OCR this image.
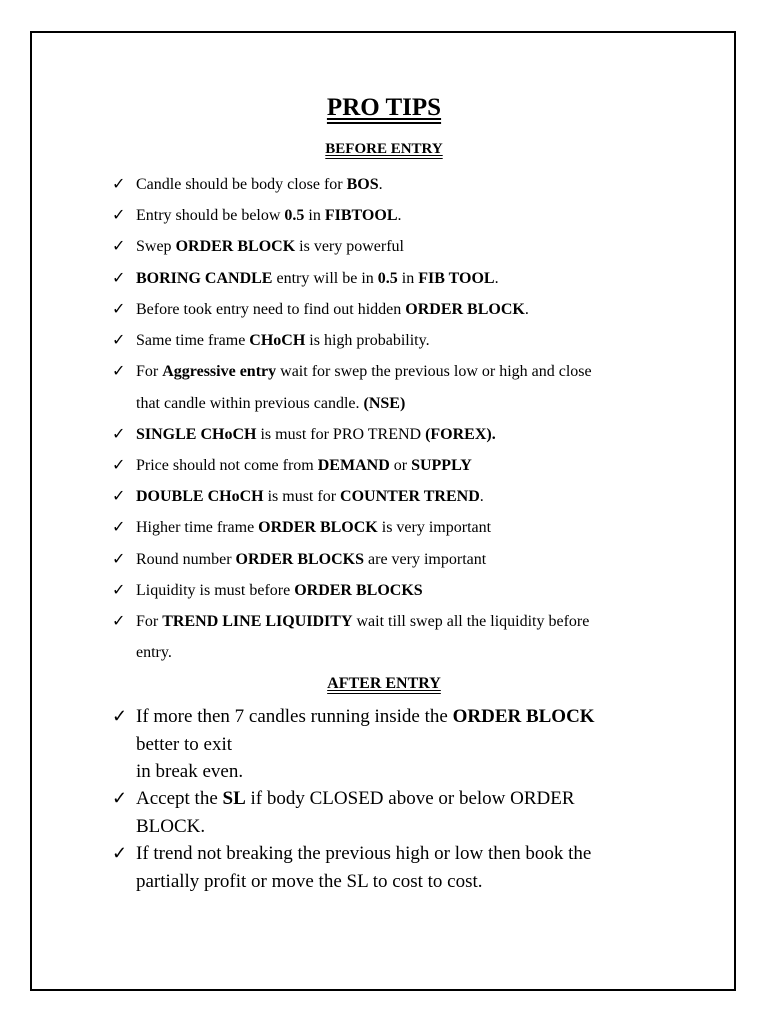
PRO TIPS
BEFORE ENTRY
✓ Candle should be body close for BOS.
✓ Entry should be below 0.5 in FIBTOOL.
✓ Swep ORDER BLOCK is very powerful
✓ BORING CANDLE entry will be in 0.5 in FIB TOOL.
✓ Before took entry need to find out hidden ORDER BLOCK.
✓ Same time frame CHoCH is high probability.
✓ For Aggressive entry wait for swep the previous low or high and close
that candle within previous candle. (NSE)
✓ SINGLE CHoCH is must for PRO TREND (FOREX).
✓ Price should not come from DEMAND or SUPPLY
✓ DOUBLE CHoCH is must for COUNTER TREND.
✓ Higher time frame ORDER BLOCK is very important
✓ Round number ORDER BLOCKS are very important
✓ Liquidity is must before ORDER BLOCKS
✓ For TREND LINE LIQUIDITY wait till swep all the liquidity before
entry.
AFTER ENTRY
✓ If more then 7 candles running inside the ORDER BLOCK
better to exit
in break even.
✓ Accept the SL if body CLOSED above or below ORDER BLOCK.
✓ If trend not breaking the previous high or low then book the partially profit or move the SL to cost to cost.
